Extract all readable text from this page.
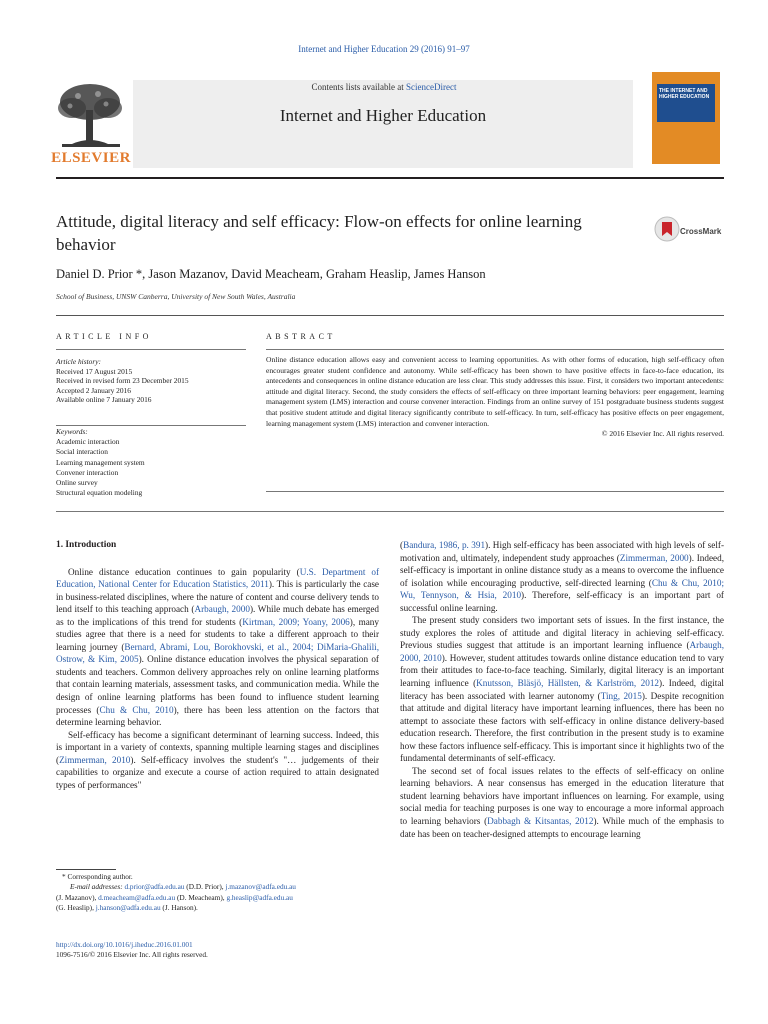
Internet and Higher Education 29 (2016) 91–97
Contents lists available at ScienceDirect
Internet and Higher Education
ELSEVIER
THE INTERNET AND HIGHER EDUCATION
Attitude, digital literacy and self efficacy: Flow-on effects for online learning behavior
CrossMark
Daniel D. Prior *, Jason Mazanov, David Meacheam, Graham Heaslip, James Hanson
School of Business, UNSW Canberra, University of New South Wales, Australia
ARTICLE INFO	ABSTRACT
Article history:
Received 17 August 2015
Received in revised form 23 December 2015
Accepted 2 January 2016
Available online 7 January 2016
Keywords:
Academic interaction
Social interaction
Learning management system
Convener interaction
Online survey
Structural equation modeling
Online distance education allows easy and convenient access to learning opportunities. As with other forms of education, high self-efficacy often encourages greater student confidence and autonomy. While self-efficacy has been shown to have positive effects in face-to-face education, its antecedents and consequences in online distance education are less clear. This study addresses this issue. First, it considers two important antecedents: attitude and digital literacy. Second, the study considers the effects of self-efficacy on three important learning behaviors: peer engagement, learning management system (LMS) interaction and course convener interaction. Findings from an online survey of 151 postgraduate business students suggest that positive student attitude and digital literacy significantly contribute to self-efficacy. In turn, self-efficacy has positive effects on peer engagement, learning management system (LMS) interaction and convener interaction.
© 2016 Elsevier Inc. All rights reserved.

1. Introduction

Online distance education continues to gain popularity (U.S. Department of Education, National Center for Education Statistics, 2011). This is particularly the case in business-related disciplines, where the nature of content and course delivery tends to lend itself to this teaching approach (Arbaugh, 2000). While much debate has emerged as to the implications of this trend for students (Kirtman, 2009; Yoany, 2006), many studies agree that there is a need for students to take a different approach to their learning journey (Bernard, Abrami, Lou, Borokhovski, et al., 2004; DiMaria-Ghalili, Ostrow, & Kim, 2005). Online distance education involves the physical separation of students and teachers. Common delivery approaches rely on online learning platforms that contain learning materials, assessment tasks, and communication media. While the design of online learning platforms has been found to influence student learning processes (Chu & Chu, 2010), there has been less attention on the factors that determine learning behavior.

Self-efficacy has become a significant determinant of learning success. Indeed, this is important in a variety of contexts, spanning multiple learning stages and disciplines (Zimmerman, 2010). Self-efficacy involves the student's "… judgements of their capabilities to organize and execute a course of action required to attain designated types of performances"

* Corresponding author.
E-mail addresses: d.prior@adfa.edu.au (D.D. Prior), j.mazanov@adfa.edu.au
(J. Mazanov), d.meacheam@adfa.edu.au (D. Meacheam), g.heaslip@adfa.edu.au
(G. Heaslip), j.hanson@adfa.edu.au (J. Hanson).
http://dx.doi.org/10.1016/j.iheduc.2016.01.001
1096-7516/© 2016 Elsevier Inc. All rights reserved.

(Bandura, 1986, p. 391). High self-efficacy has been associated with high levels of self-motivation and, ultimately, independent study approaches (Zimmerman, 2000). Indeed, self-efficacy is important in online distance study as a means to overcome the influence of isolation while encouraging productive, self-directed learning (Chu & Chu, 2010; Wu, Tennyson, & Hsia, 2010). Therefore, self-efficacy is an important part of successful online learning.

The present study considers two important sets of issues. In the first instance, the study explores the roles of attitude and digital literacy in achieving self-efficacy. Previous studies suggest that attitude is an important learning influence (Arbaugh, 2000, 2010). However, student attitudes towards online distance education tend to vary from their attitudes to face-to-face teaching. Similarly, digital literacy is an important learning influence (Knutsson, Bläsjö, Hällsten, & Karlström, 2012). Indeed, digital literacy has been associated with learner autonomy (Ting, 2015). Despite recognition that attitude and digital literacy have important learning influences, there has been no attempt to associate these factors with self-efficacy in online distance delivery-based education research. Therefore, the first contribution in the present study is to examine how these factors influence self-efficacy. This is important since it highlights two of the fundamental determinants of self-efficacy.

The second set of focal issues relates to the effects of self-efficacy on online learning behaviors. A near consensus has emerged in the education literature that student learning behaviors have important influences on learning. For example, using social media for teaching purposes is one way to encourage a more informal approach to learning behaviors (Dabbagh & Kitsantas, 2012). While much of the emphasis to date has been on teacher-designed attempts to encourage learning
